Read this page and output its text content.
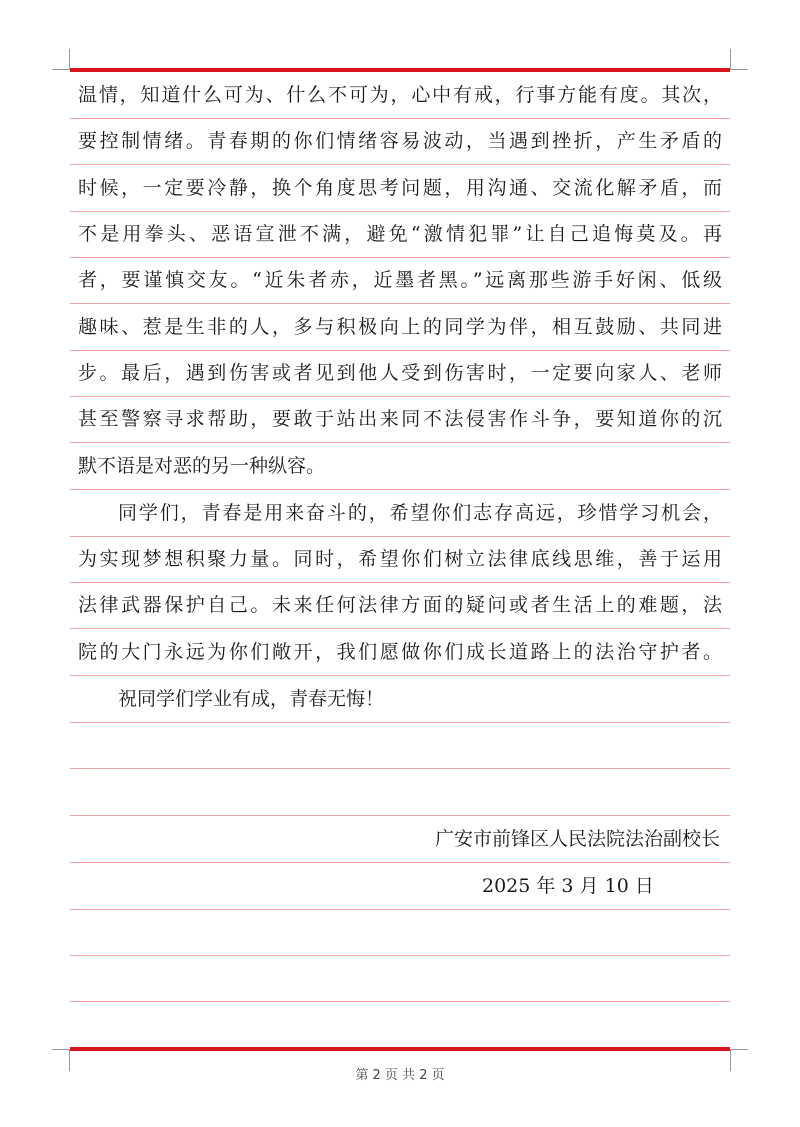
温情，知道什么可为、什么不可为，心中有戒，行事方能有度。其次，
要控制情绪。青春期的你们情绪容易波动，当遇到挫折，产生矛盾的
时候，一定要冷静，换个角度思考问题，用沟通、交流化解矛盾，而
不是用拳头、恶语宣泄不满，避免“激情犯罪”让自己追悔莫及。再
者，要谨慎交友。“近朱者赤，近墨者黑。”远离那些游手好闲、低级
趣味、惹是生非的人，多与积极向上的同学为伴，相互鼓励、共同进
步。最后，遇到伤害或者见到他人受到伤害时，一定要向家人、老师
甚至警察寻求帮助，要敢于站出来同不法侵害作斗争，要知道你的沉
默不语是对恶的另一种纵容。
同学们，青春是用来奋斗的，希望你们志存高远，珍惜学习机会，
为实现梦想积聚力量。同时，希望你们树立法律底线思维，善于运用
法律武器保护自己。未来任何法律方面的疑问或者生活上的难题，法
院的大门永远为你们敞开，我们愿做你们成长道路上的法治守护者。
祝同学们学业有成，青春无悔！
广安市前锋区人民法院法治副校长
2025 年 3 月 10 日
第 2 页 共 2 页
